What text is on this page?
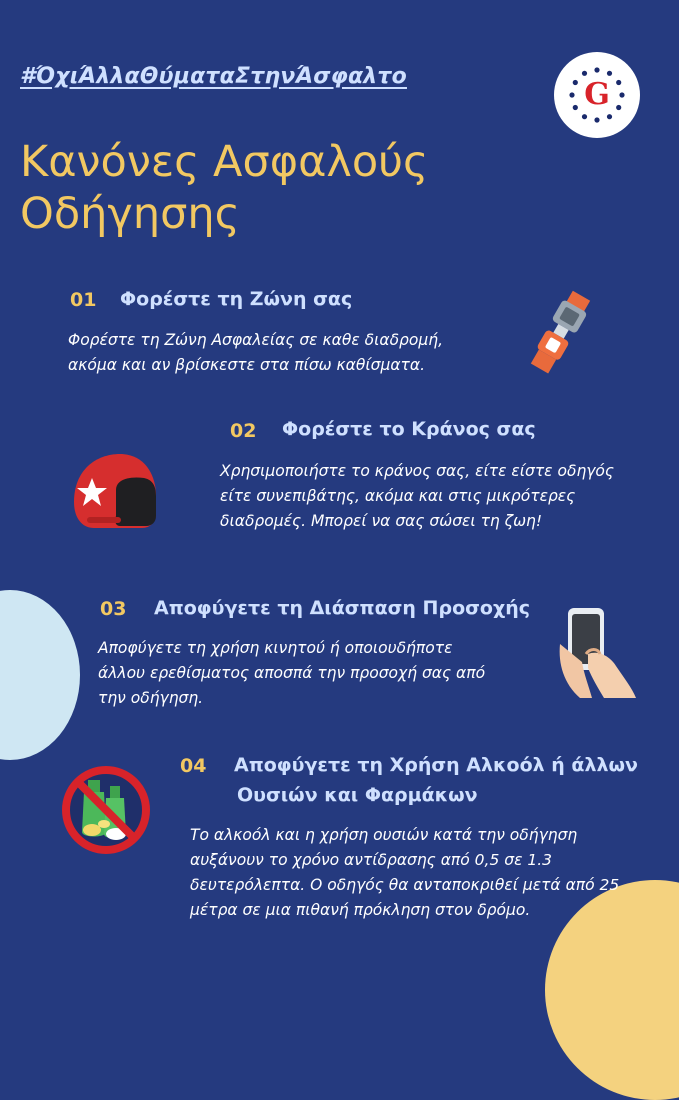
#ΌχιΆλλαΘύματαΣτηνΆσφαλτο
G
Κανόνες Ασφαλούς
Οδήγησης
01 Φορέστε τη Ζώνη σας
Φορέστε τη Ζώνη Ασφαλείας σε καθε διαδρομή,
ακόμα και αν βρίσκεστε στα πίσω καθίσματα.
02 Φορέστε το Κράνος σας
Χρησιμοποιήστε το κράνος σας, είτε είστε οδηγός
είτε συνεπιβάτης, ακόμα και στις μικρότερες
διαδρομές. Μπορεί να σας σώσει τη ζωη!
03 Αποφύγετε τη Διάσπαση Προσοχής
Αποφύγετε τη χρήση κινητού ή οποιουδήποτε
άλλου ερεθίσματος αποσπά την προσοχή σας από
την οδήγηση.
04 Αποφύγετε τη Χρήση Αλκοόλ ή άλλων
Ουσιών και Φαρμάκων
Το αλκοόλ και η χρήση ουσιών κατά την οδήγηση
αυξάνουν το χρόνο αντίδρασης από 0,5 σε 1.3
δευτερόλεπτα. Ο οδηγός θα ανταποκριθεί μετά από 25
μέτρα σε μια πιθανή πρόκληση στον δρόμο.
